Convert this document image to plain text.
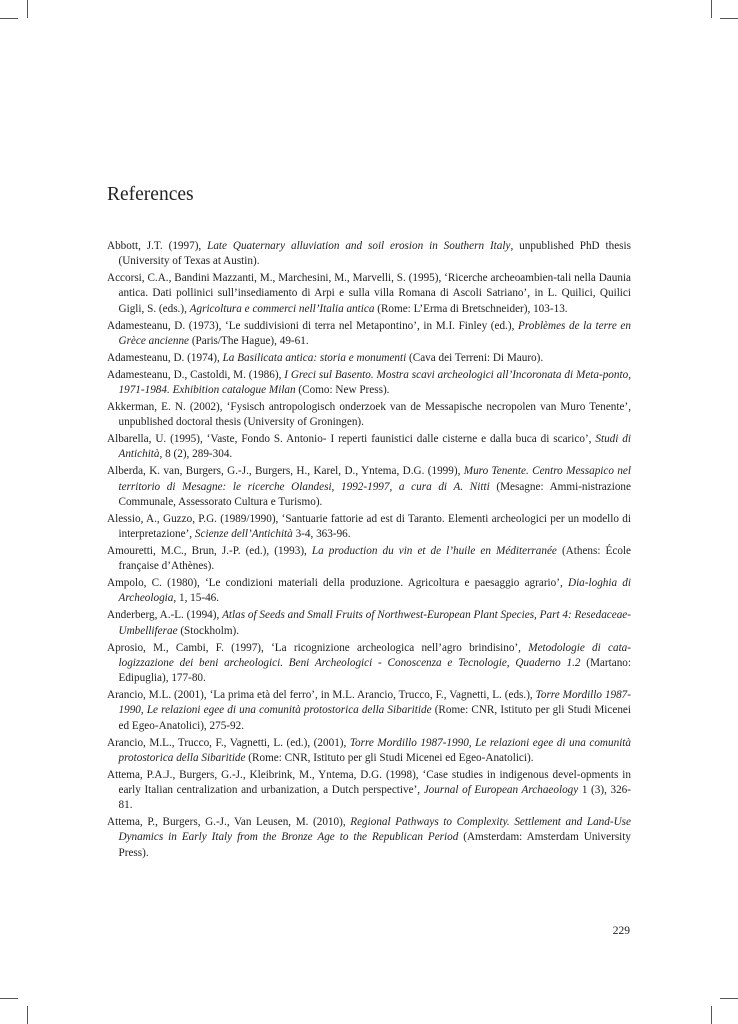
References
Abbott, J.T. (1997), Late Quaternary alluviation and soil erosion in Southern Italy, unpublished PhD thesis (University of Texas at Austin).
Accorsi, C.A., Bandini Mazzanti, M., Marchesini, M., Marvelli, S. (1995), ‘Ricerche archeoambien-tali nella Daunia antica. Dati pollinici sull’insediamento di Arpi e sulla villa Romana di Ascoli Satriano’, in L. Quilici, Quilici Gigli, S. (eds.), Agricoltura e commerci nell’Italia antica (Rome: L’Erma di Bretschneider), 103-13.
Adamesteanu, D. (1973), ‘Le suddivisioni di terra nel Metapontino’, in M.I. Finley (ed.), Problèmes de la terre en Grèce ancienne (Paris/The Hague), 49-61.
Adamesteanu, D. (1974), La Basilicata antica: storia e monumenti (Cava dei Terreni: Di Mauro).
Adamesteanu, D., Castoldi, M. (1986), I Greci sul Basento. Mostra scavi archeologici all’Incoronata di Meta-ponto, 1971-1984. Exhibition catalogue Milan (Como: New Press).
Akkerman, E. N. (2002), ‘Fysisch antropologisch onderzoek van de Messapische necropolen van Muro Tenente’, unpublished doctoral thesis (University of Groningen).
Albarella, U. (1995), ‘Vaste, Fondo S. Antonio- I reperti faunistici dalle cisterne e dalla buca di scarico’, Studi di Antichità, 8 (2), 289-304.
Alberda, K. van, Burgers, G.-J., Burgers, H., Karel, D., Yntema, D.G. (1999), Muro Tenente. Centro Messapico nel territorio di Mesagne: le ricerche Olandesi, 1992-1997, a cura di A. Nitti (Mesagne: Ammi-nistrazione Communale, Assessorato Cultura e Turismo).
Alessio, A., Guzzo, P.G. (1989/1990), ‘Santuarie fattorie ad est di Taranto. Elementi archeologici per un modello di interpretazione’, Scienze dell’Antichità 3-4, 363-96.
Amouretti, M.C., Brun, J.-P. (ed.), (1993), La production du vin et de l’huile en Méditerranée (Athens: École française d’Athènes).
Ampolo, C. (1980), ‘Le condizioni materiali della produzione. Agricoltura e paesaggio agrario’, Dia-loghia di Archeologia, 1, 15-46.
Anderberg, A.-L. (1994), Atlas of Seeds and Small Fruits of Northwest-European Plant Species, Part 4: Resedaceae-Umbelliferae (Stockholm).
Aprosio, M., Cambi, F. (1997), ‘La ricognizione archeologica nell’agro brindisino’, Metodologie di cata-logizzazione dei beni archeologici. Beni Archeologici - Conoscenza e Tecnologie, Quaderno 1.2 (Martano: Edipuglia), 177-80.
Arancio, M.L. (2001), ‘La prima età del ferro’, in M.L. Arancio, Trucco, F., Vagnetti, L. (eds.), Torre Mordillo 1987-1990, Le relazioni egee di una comunità protostorica della Sibaritide (Rome: CNR, Istituto per gli Studi Micenei ed Egeo-Anatolici), 275-92.
Arancio, M.L., Trucco, F., Vagnetti, L. (ed.), (2001), Torre Mordillo 1987-1990, Le relazioni egee di una comunità protostorica della Sibaritide (Rome: CNR, Istituto per gli Studi Micenei ed Egeo-Anatolici).
Attema, P.A.J., Burgers, G.-J., Kleibrink, M., Yntema, D.G. (1998), ‘Case studies in indigenous devel-opments in early Italian centralization and urbanization, a Dutch perspective’, Journal of European Archaeology 1 (3), 326-81.
Attema, P., Burgers, G.-J., Van Leusen, M. (2010), Regional Pathways to Complexity. Settlement and Land-Use Dynamics in Early Italy from the Bronze Age to the Republican Period (Amsterdam: Amsterdam University Press).
229
